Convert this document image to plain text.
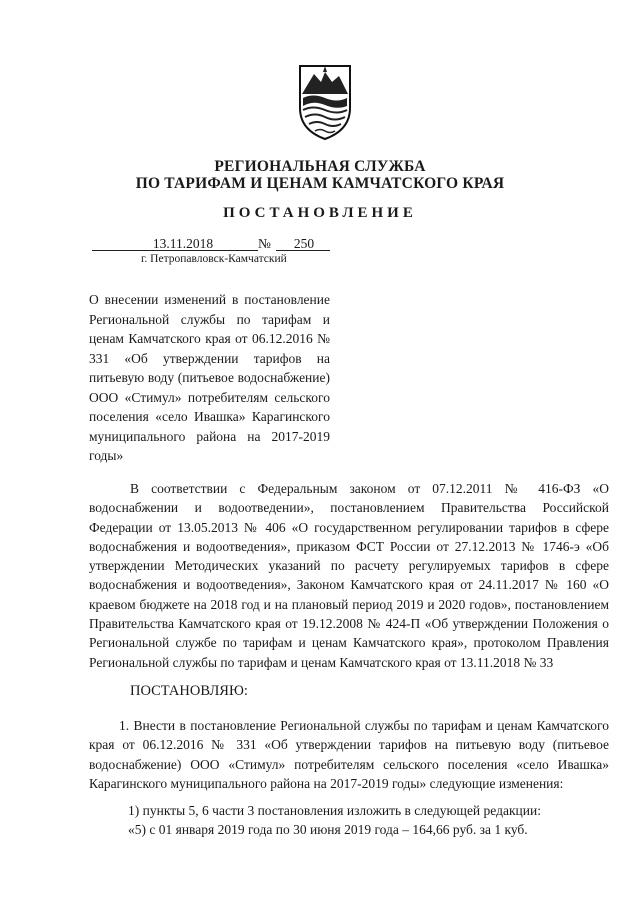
РЕГИОНАЛЬНАЯ СЛУЖБА

ПО ТАРИФАМ И ЦЕНАМ КАМЧАТСКОГО КРАЯ

ПОСТАНОВЛЕНИЕ

13.11.2018	№	250
г. Петропавловск-Камчатский

О внесении изменений в постановление Региональной службы по тарифам и ценам Камчатского края от 06.12.2016 № 331 «Об утверждении тарифов на питьевую воду (питьевое водоснабжение) ООО «Стимул» потребителям сельского поселения «село Ивашка» Карагинского муниципального района на 2017-2019 годы»

В соответствии с Федеральным законом от 07.12.2011 № 416-ФЗ «О водоснабжении и водоотведении», постановлением Правительства Российской Федерации от 13.05.2013 № 406 «О государственном регулировании тарифов в сфере водоснабжения и водоотведения», приказом ФСТ России от 27.12.2013 № 1746-э «Об утверждении Методических указаний по расчету регулируемых тарифов в сфере водоснабжения и водоотведения», Законом Камчатского края от 24.11.2017 № 160 «О краевом бюджете на 2018 год и на плановый период 2019 и 2020 годов», постановлением Правительства Камчатского края от 19.12.2008 № 424-П «Об утверждении Положения о Региональной службе по тарифам и ценам Камчатского края», протоколом Правления Региональной службы по тарифам и ценам Камчатского края от 13.11.2018 № 33

ПОСТАНОВЛЯЮ:

1. Внести в постановление Региональной службы по тарифам и ценам Камчатского края от 06.12.2016 № 331 «Об утверждении тарифов на питьевую воду (питьевое водоснабжение) ООО «Стимул» потребителям сельского поселения «село Ивашка» Карагинского муниципального района на 2017-2019 годы» следующие изменения:

1) пункты 5, 6 части 3 постановления изложить в следующей редакции:

«5) с 01 января 2019 года по 30 июня 2019 года – 164,66 руб. за 1 куб.
